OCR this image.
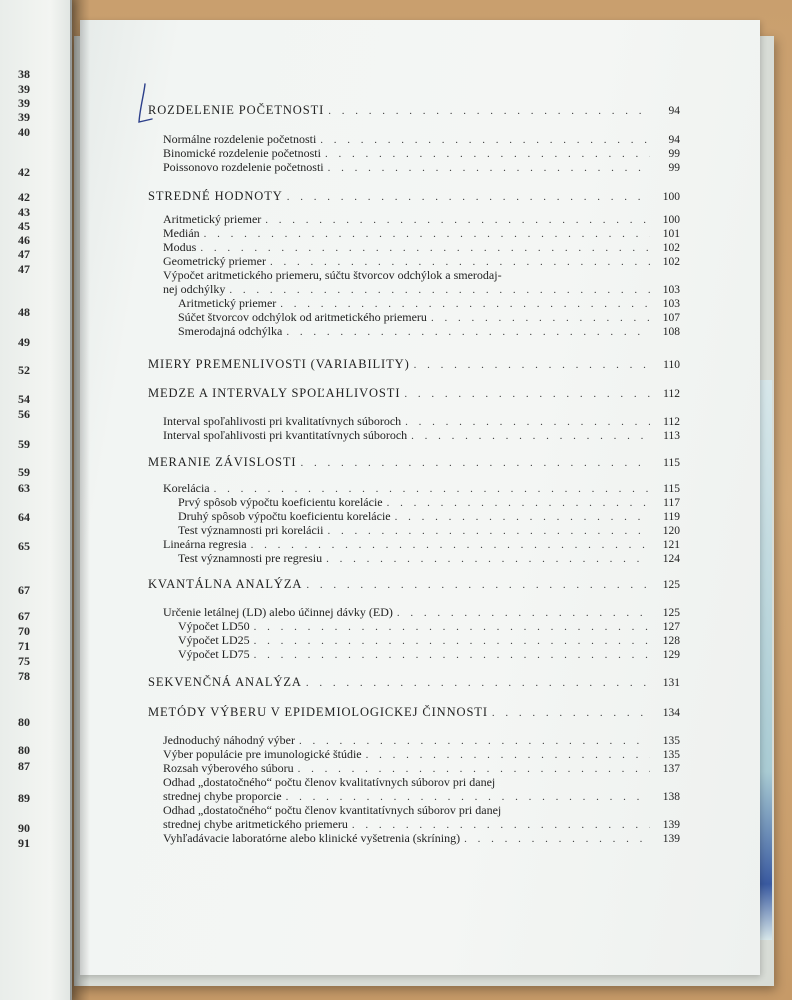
38
39
39
39
40
42
42
43
45
46
47
47
48
49
52
54
56
59
59
63
64
65
67
67
70
71
75
78
80
80
87
89
90
91
ROZDELENIE POČETNOSTI . . .	94
Normálne rozdelenie početnosti . . .	94
Binomické rozdelenie početnosti . . .	99
Poissonovo rozdelenie početnosti . . .	99
STREDNÉ HODNOTY . . .	100
Aritmetický priemer . . .	100
Medián . . .	101
Modus . . .	102
Geometrický priemer . . .	102
Výpočet aritmetického priemeru, súčtu štvorcov odchýlok a smerodaj-
nej odchýlky . . .	103
Aritmetický priemer . . .	103
Súčet štvorcov odchýlok od aritmetického priemeru . . .	107
Smerodajná odchýlka . . .	108
MIERY PREMENLIVOSTI (VARIABILITY) . . .	110
MEDZE A INTERVALY SPOĽAHLIVOSTI . . .	112
Interval spoľahlivosti pri kvalitatívnych súboroch . . .	112
Interval spoľahlivosti pri kvantitatívnych súboroch . . .	113
MERANIE ZÁVISLOSTI . . .	115
Korelácia . . .	115
Prvý spôsob výpočtu koeficientu korelácie . . .	117
Druhý spôsob výpočtu koeficientu korelácie . . .	119
Test významnosti pri korelácii . . .	120
Lineárna regresia . . .	121
Test významnosti pre regresiu . . .	124
KVANTÁLNA ANALÝZA . . .	125
Určenie letálnej (LD) alebo účinnej dávky (ED) . . .	125
Výpočet LD50 . . .	127
Výpočet LD25 . . .	128
Výpočet LD75 . . .	129
SEKVENČNÁ ANALÝZA . . .	131
METÓDY VÝBERU V EPIDEMIOLOGICKEJ ČINNOSTI . . .	134
Jednoduchý náhodný výber . . .	135
Výber populácie pre imunologické štúdie . . .	135
Rozsah výberového súboru . . .	137
Odhad „dostatočného“ počtu členov kvalitatívnych súborov pri danej
strednej chybe proporcie . . .	138
Odhad „dostatočného“ počtu členov kvantitatívnych súborov pri danej
strednej chybe aritmetického priemeru . . .	139
Vyhľadávacie laboratórne alebo klinické vyšetrenia (skríning) . . .	139
